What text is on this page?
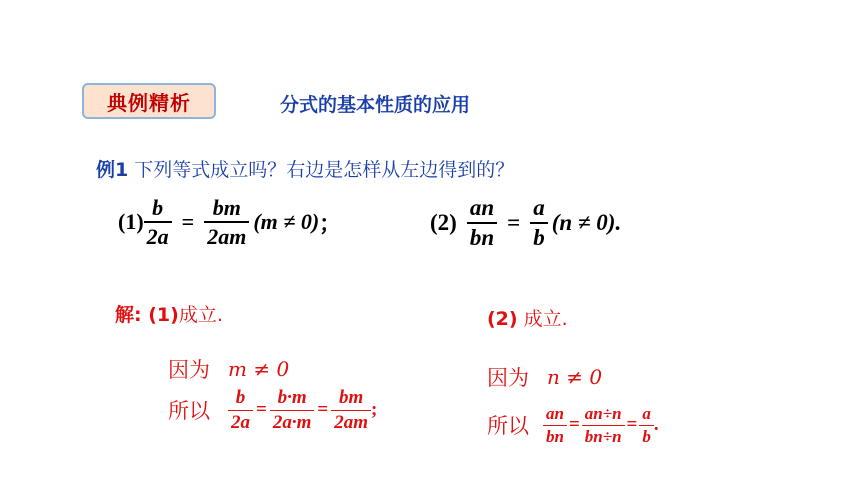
典例精析	分式的基本性质的应用
例1 下列等式成立吗？右边是怎样从左边得到的？
$(1) \frac{b}{2a} = \frac{bm}{2am} (m \ne 0)$ ；	$(2) \frac{an}{bn} = \frac{a}{b} (n \ne 0)$.
解: (1)成立.
因为 m ≠ 0
所以 $\frac{b}{2a} = \frac{b\cdot m}{2a\cdot m} = \frac{bm}{2am}$ ;
(2) 成立.
因为 n ≠ 0
所以 $\frac{an}{bn} = \frac{an\div n}{bn\div n} = \frac{a}{b}$ .
